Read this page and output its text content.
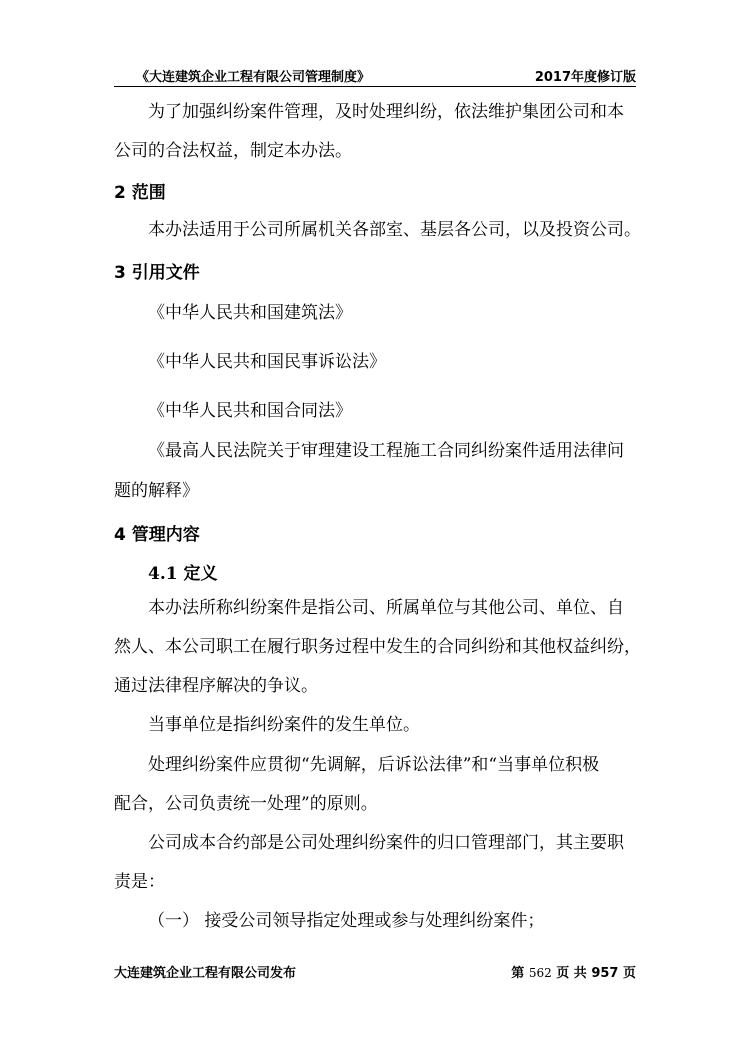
《大连建筑企业工程有限公司管理制度》	2017年度修订版
为了加强纠纷案件管理，及时处理纠纷，依法维护集团公司和本
公司的合法权益，制定本办法。
2 范围
本办法适用于公司所属机关各部室、基层各公司，以及投资公司。
3 引用文件
《中华人民共和国建筑法》
《中华人民共和国民事诉讼法》
《中华人民共和国合同法》
《最高人民法院关于审理建设工程施工合同纠纷案件适用法律问
题的解释》
4 管理内容
4.1 定义
本办法所称纠纷案件是指公司、所属单位与其他公司、单位、自
然人、本公司职工在履行职务过程中发生的合同纠纷和其他权益纠纷，
通过法律程序解决的争议。
当事单位是指纠纷案件的发生单位。
处理纠纷案件应贯彻“先调解，后诉讼法律”和“当事单位积极
配合，公司负责统一处理”的原则。
公司成本合约部是公司处理纠纷案件的归口管理部门，其主要职
责是：
（一） 接受公司领导指定处理或参与处理纠纷案件；
大连建筑企业工程有限公司发布	第 562 页 共 957 页
